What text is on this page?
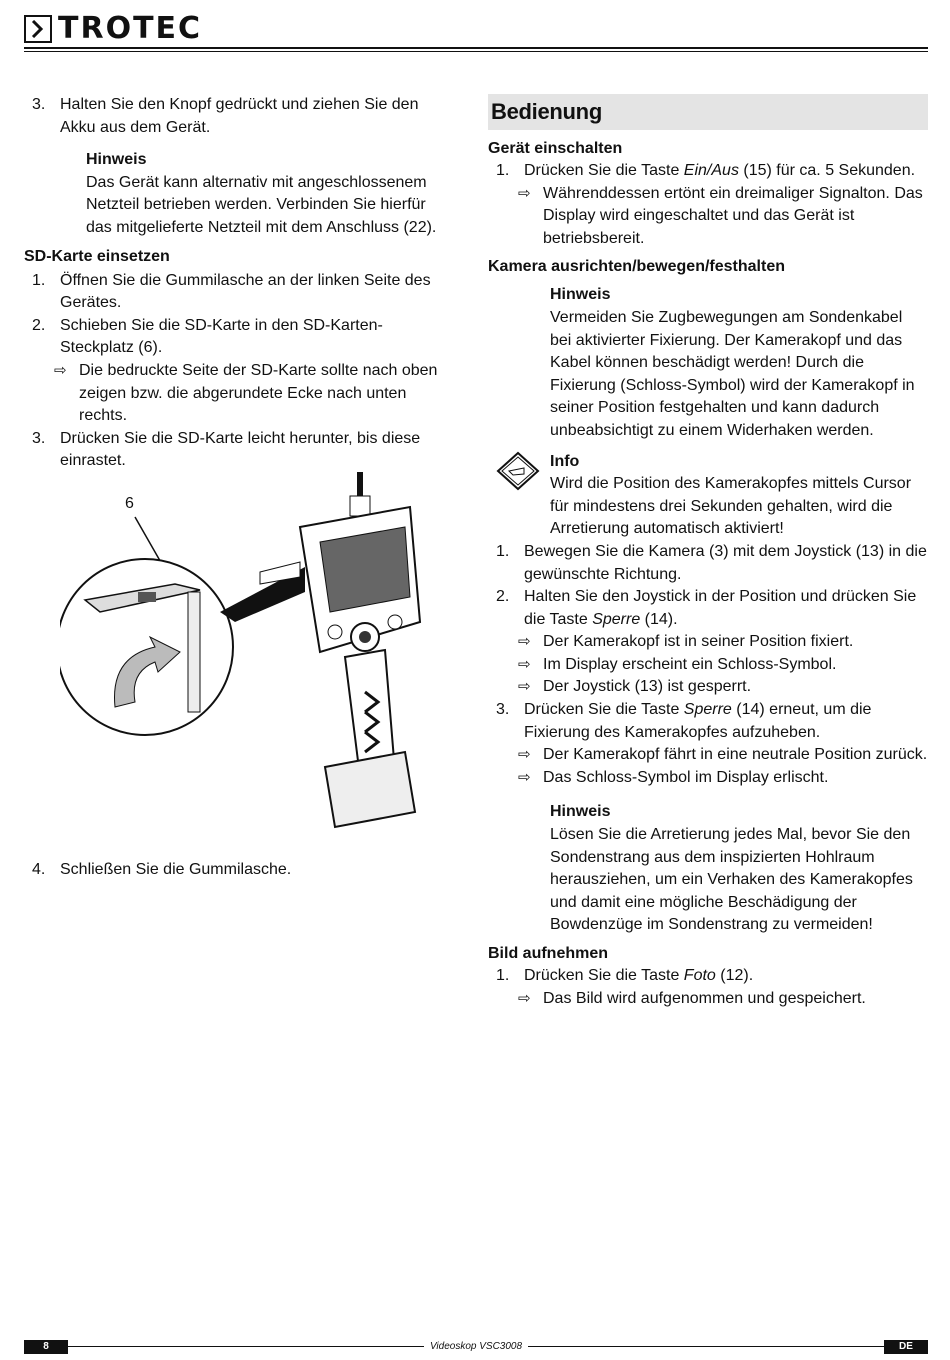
TROTEC
3. Halten Sie den Knopf gedrückt und ziehen Sie den Akku aus dem Gerät.
Hinweis
Das Gerät kann alternativ mit angeschlossenem Netzteil betrieben werden. Verbinden Sie hierfür das mitgelieferte Netzteil mit dem Anschluss (22).
SD-Karte einsetzen
1. Öffnen Sie die Gummilasche an der linken Seite des Gerätes.
2. Schieben Sie die SD-Karte in den SD-Karten-Steckplatz (6).
⇨ Die bedruckte Seite der SD-Karte sollte nach oben zeigen bzw. die abgerundete Ecke nach unten rechts.
3. Drücken Sie die SD-Karte leicht herunter, bis diese einrastet.
6
4. Schließen Sie die Gummilasche.
Bedienung
Gerät einschalten
1. Drücken Sie die Taste Ein/Aus (15) für ca. 5 Sekunden.
⇨ Währenddessen ertönt ein dreimaliger Signalton. Das Display wird eingeschaltet und das Gerät ist betriebsbereit.
Kamera ausrichten/bewegen/festhalten
Hinweis
Vermeiden Sie Zugbewegungen am Sondenkabel bei aktivierter Fixierung. Der Kamerakopf und das Kabel können beschädigt werden! Durch die Fixierung (Schloss-Symbol) wird der Kamerakopf in seiner Position festgehalten und kann dadurch unbeabsichtigt zu einem Widerhaken werden.
Info
Wird die Position des Kamerakopfes mittels Cursor für mindestens drei Sekunden gehalten, wird die Arretierung automatisch aktiviert!
1. Bewegen Sie die Kamera (3) mit dem Joystick (13) in die gewünschte Richtung.
2. Halten Sie den Joystick in der Position und drücken Sie die Taste Sperre (14).
⇨ Der Kamerakopf ist in seiner Position fixiert.
⇨ Im Display erscheint ein Schloss-Symbol.
⇨ Der Joystick (13) ist gesperrt.
3. Drücken Sie die Taste Sperre (14) erneut, um die Fixierung des Kamerakopfes aufzuheben.
⇨ Der Kamerakopf fährt in eine neutrale Position zurück.
⇨ Das Schloss-Symbol im Display erlischt.
Hinweis
Lösen Sie die Arretierung jedes Mal, bevor Sie den Sondenstrang aus dem inspizierten Hohlraum herausziehen, um ein Verhaken des Kamerakopfes und damit eine mögliche Beschädigung der Bowdenzüge im Sondenstrang zu vermeiden!
Bild aufnehmen
1. Drücken Sie die Taste Foto (12).
⇨ Das Bild wird aufgenommen und gespeichert.
8	Videoskop VSC3008	DE
